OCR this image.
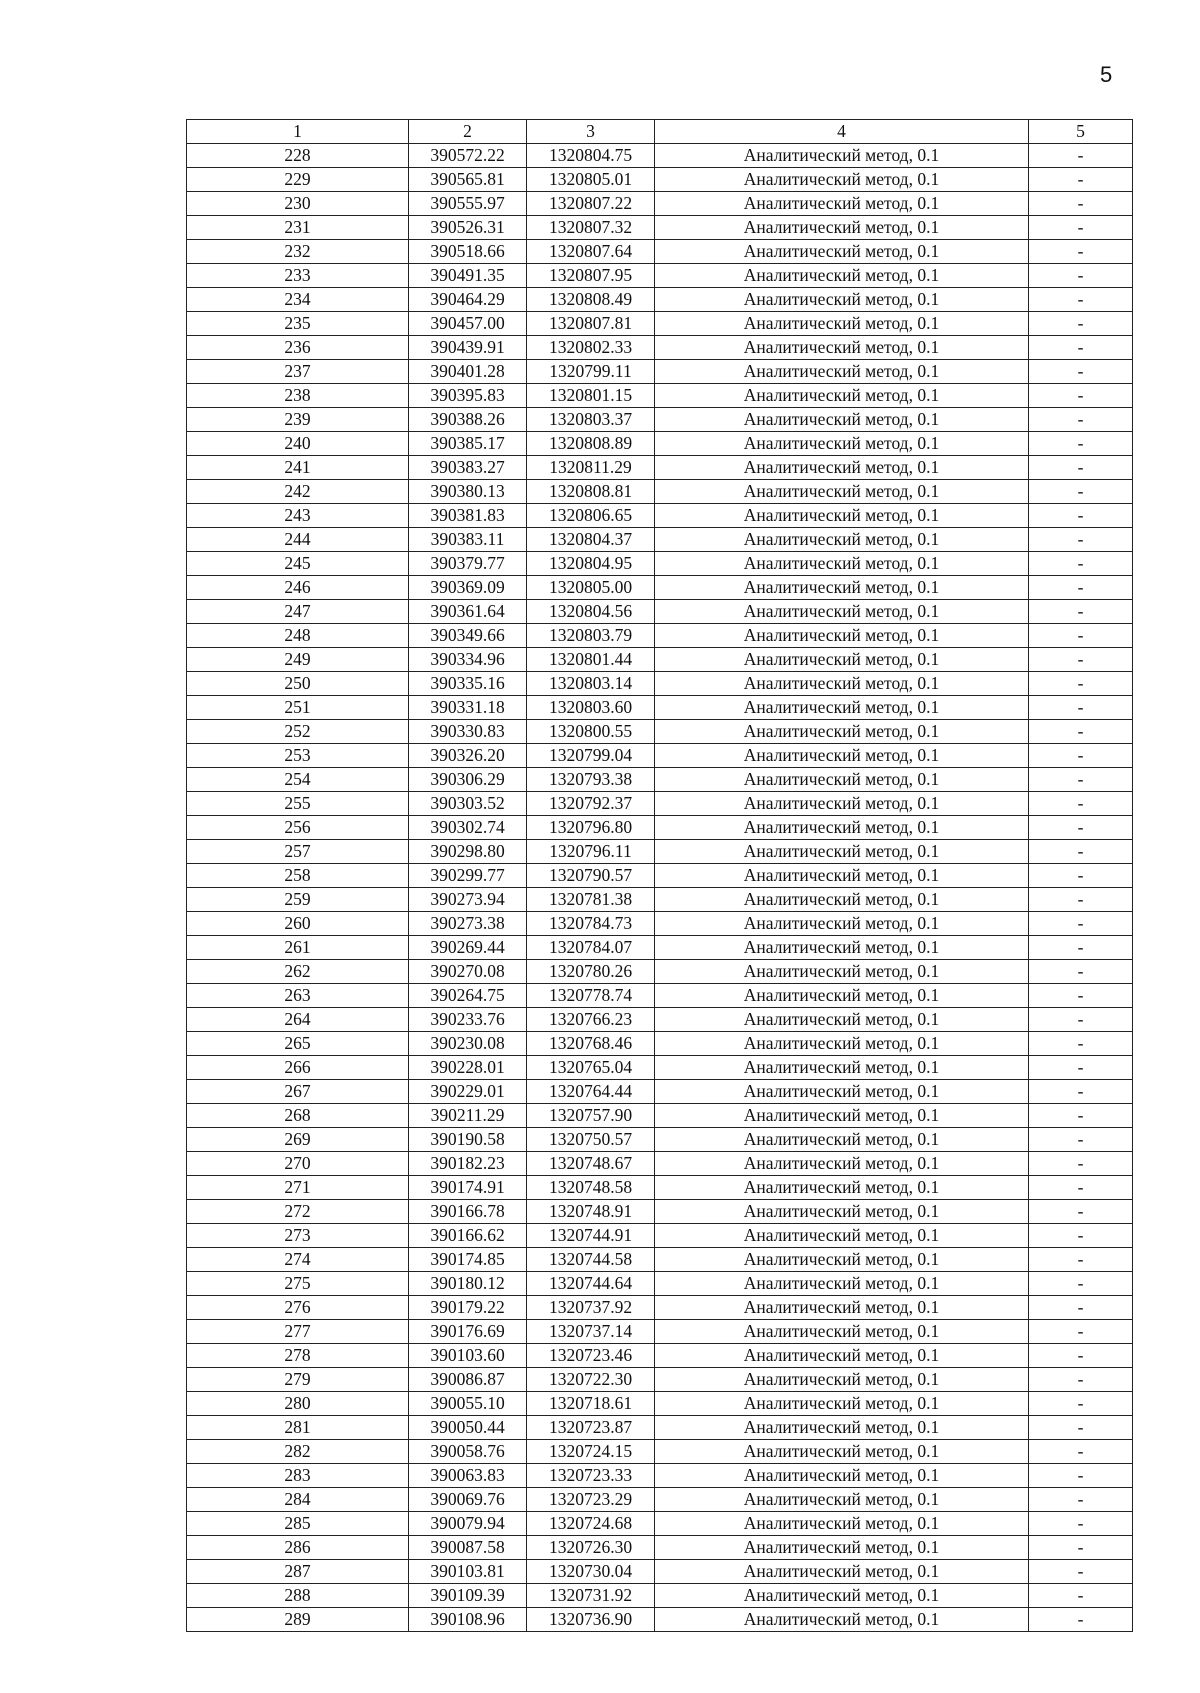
5
1	2	3	4	5
228	390572.22	1320804.75	Аналитический метод, 0.1	-
229	390565.81	1320805.01	Аналитический метод, 0.1	-
230	390555.97	1320807.22	Аналитический метод, 0.1	-
231	390526.31	1320807.32	Аналитический метод, 0.1	-
232	390518.66	1320807.64	Аналитический метод, 0.1	-
233	390491.35	1320807.95	Аналитический метод, 0.1	-
234	390464.29	1320808.49	Аналитический метод, 0.1	-
235	390457.00	1320807.81	Аналитический метод, 0.1	-
236	390439.91	1320802.33	Аналитический метод, 0.1	-
237	390401.28	1320799.11	Аналитический метод, 0.1	-
238	390395.83	1320801.15	Аналитический метод, 0.1	-
239	390388.26	1320803.37	Аналитический метод, 0.1	-
240	390385.17	1320808.89	Аналитический метод, 0.1	-
241	390383.27	1320811.29	Аналитический метод, 0.1	-
242	390380.13	1320808.81	Аналитический метод, 0.1	-
243	390381.83	1320806.65	Аналитический метод, 0.1	-
244	390383.11	1320804.37	Аналитический метод, 0.1	-
245	390379.77	1320804.95	Аналитический метод, 0.1	-
246	390369.09	1320805.00	Аналитический метод, 0.1	-
247	390361.64	1320804.56	Аналитический метод, 0.1	-
248	390349.66	1320803.79	Аналитический метод, 0.1	-
249	390334.96	1320801.44	Аналитический метод, 0.1	-
250	390335.16	1320803.14	Аналитический метод, 0.1	-
251	390331.18	1320803.60	Аналитический метод, 0.1	-
252	390330.83	1320800.55	Аналитический метод, 0.1	-
253	390326.20	1320799.04	Аналитический метод, 0.1	-
254	390306.29	1320793.38	Аналитический метод, 0.1	-
255	390303.52	1320792.37	Аналитический метод, 0.1	-
256	390302.74	1320796.80	Аналитический метод, 0.1	-
257	390298.80	1320796.11	Аналитический метод, 0.1	-
258	390299.77	1320790.57	Аналитический метод, 0.1	-
259	390273.94	1320781.38	Аналитический метод, 0.1	-
260	390273.38	1320784.73	Аналитический метод, 0.1	-
261	390269.44	1320784.07	Аналитический метод, 0.1	-
262	390270.08	1320780.26	Аналитический метод, 0.1	-
263	390264.75	1320778.74	Аналитический метод, 0.1	-
264	390233.76	1320766.23	Аналитический метод, 0.1	-
265	390230.08	1320768.46	Аналитический метод, 0.1	-
266	390228.01	1320765.04	Аналитический метод, 0.1	-
267	390229.01	1320764.44	Аналитический метод, 0.1	-
268	390211.29	1320757.90	Аналитический метод, 0.1	-
269	390190.58	1320750.57	Аналитический метод, 0.1	-
270	390182.23	1320748.67	Аналитический метод, 0.1	-
271	390174.91	1320748.58	Аналитический метод, 0.1	-
272	390166.78	1320748.91	Аналитический метод, 0.1	-
273	390166.62	1320744.91	Аналитический метод, 0.1	-
274	390174.85	1320744.58	Аналитический метод, 0.1	-
275	390180.12	1320744.64	Аналитический метод, 0.1	-
276	390179.22	1320737.92	Аналитический метод, 0.1	-
277	390176.69	1320737.14	Аналитический метод, 0.1	-
278	390103.60	1320723.46	Аналитический метод, 0.1	-
279	390086.87	1320722.30	Аналитический метод, 0.1	-
280	390055.10	1320718.61	Аналитический метод, 0.1	-
281	390050.44	1320723.87	Аналитический метод, 0.1	-
282	390058.76	1320724.15	Аналитический метод, 0.1	-
283	390063.83	1320723.33	Аналитический метод, 0.1	-
284	390069.76	1320723.29	Аналитический метод, 0.1	-
285	390079.94	1320724.68	Аналитический метод, 0.1	-
286	390087.58	1320726.30	Аналитический метод, 0.1	-
287	390103.81	1320730.04	Аналитический метод, 0.1	-
288	390109.39	1320731.92	Аналитический метод, 0.1	-
289	390108.96	1320736.90	Аналитический метод, 0.1	-
